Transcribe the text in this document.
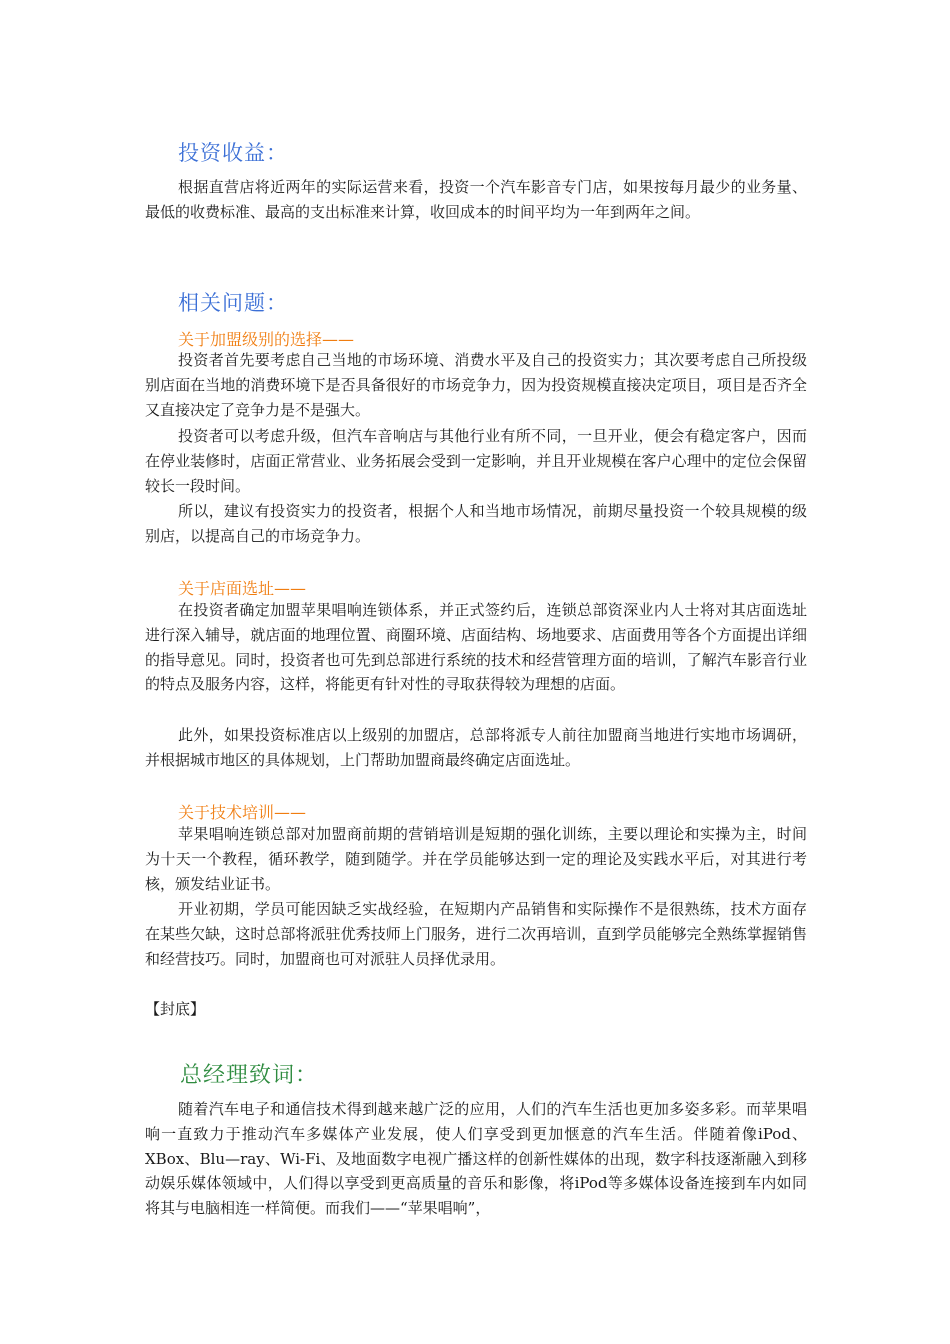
投资收益：

根据直营店将近两年的实际运营来看，投资一个汽车影音专门店，如果按每月最少的业务量、最低的收费标准、最高的支出标准来计算，收回成本的时间平均为一年到两年之间。

相关问题：
关于加盟级别的选择——

投资者首先要考虑自己当地的市场环境、消费水平及自己的投资实力；其次要考虑自己所投级别店面在当地的消费环境下是否具备很好的市场竞争力，因为投资规模直接决定项目，项目是否齐全又直接决定了竞争力是不是强大。

投资者可以考虑升级，但汽车音响店与其他行业有所不同，一旦开业，便会有稳定客户，因而在停业装修时，店面正常营业、业务拓展会受到一定影响，并且开业规模在客户心理中的定位会保留较长一段时间。

所以，建议有投资实力的投资者，根据个人和当地市场情况，前期尽量投资一个较具规模的级别店，以提高自己的市场竞争力。

关于店面选址——

在投资者确定加盟苹果唱响连锁体系，并正式签约后，连锁总部资深业内人士将对其店面选址进行深入辅导，就店面的地理位置、商圈环境、店面结构、场地要求、店面费用等各个方面提出详细的指导意见。同时，投资者也可先到总部进行系统的技术和经营管理方面的培训，了解汽车影音行业的特点及服务内容，这样，将能更有针对性的寻取获得较为理想的店面。

此外，如果投资标准店以上级别的加盟店，总部将派专人前往加盟商当地进行实地市场调研，并根据城市地区的具体规划，上门帮助加盟商最终确定店面选址。

关于技术培训——

苹果唱响连锁总部对加盟商前期的营销培训是短期的强化训练，主要以理论和实操为主，时间为十天一个教程，循环教学，随到随学。并在学员能够达到一定的理论及实践水平后，对其进行考核，颁发结业证书。

开业初期，学员可能因缺乏实战经验，在短期内产品销售和实际操作不是很熟练，技术方面存在某些欠缺，这时总部将派驻优秀技师上门服务，进行二次再培训，直到学员能够完全熟练掌握销售和经营技巧。同时，加盟商也可对派驻人员择优录用。

【封底】

总经理致词：

随着汽车电子和通信技术得到越来越广泛的应用，人们的汽车生活也更加多姿多彩。而苹果唱响一直致力于推动汽车多媒体产业发展，使人们享受到更加惬意的汽车生活。伴随着像iPod、XBox、Blu—ray、Wi-Fi、及地面数字电视广播这样的创新性媒体的出现，数字科技逐渐融入到移动娱乐媒体领域中，人们得以享受到更高质量的音乐和影像，将iPod等多媒体设备连接到车内如同将其与电脑相连一样简便。而我们——“苹果唱响”，
